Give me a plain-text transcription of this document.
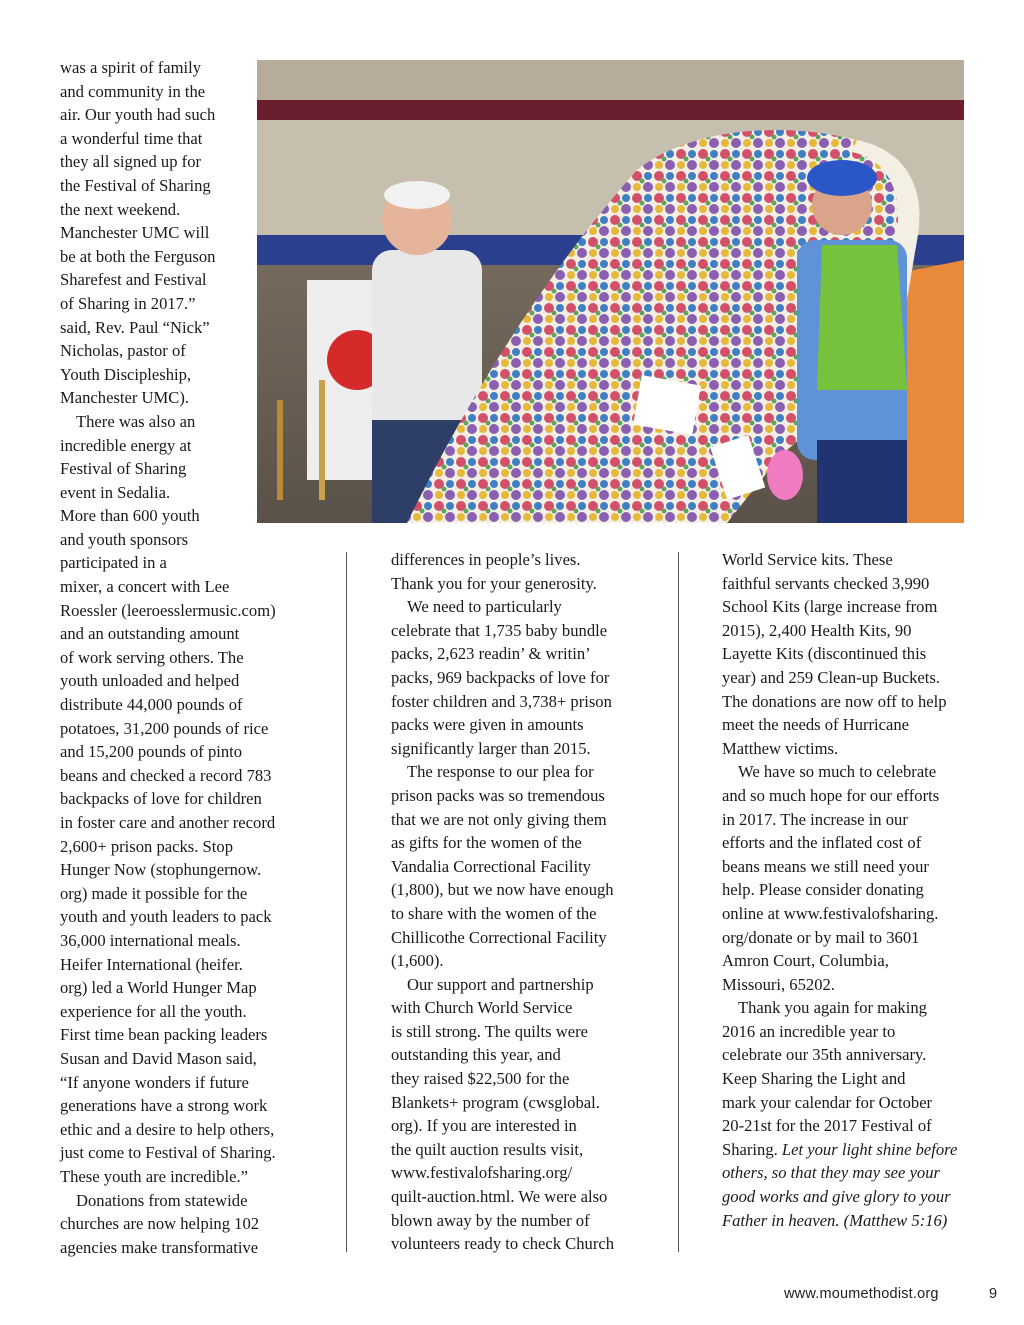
was a spirit of family
and community in the
air. Our youth had such
a wonderful time that
they all signed up for
the Festival of Sharing
the next weekend.
Manchester UMC will
be at both the Ferguson
Sharefest and Festival
of Sharing in 2017.”
said, Rev. Paul “Nick”
Nicholas, pastor of
Youth Discipleship,
Manchester UMC).
There was also an
incredible energy at
Festival of Sharing
event in Sedalia.
More than 600 youth
and youth sponsors
participated in a
mixer, a concert with Lee
Roessler (leeroesslermusic.com)
and an outstanding amount
of work serving others. The
youth unloaded and helped
distribute 44,000 pounds of
potatoes, 31,200 pounds of rice
and 15,200 pounds of pinto
beans and checked a record 783
backpacks of love for children
in foster care and another record
2,600+ prison packs. Stop
Hunger Now (stophungernow.
org) made it possible for the
youth and youth leaders to pack
36,000 international meals.
Heifer International (heifer.
org) led a World Hunger Map
experience for all the youth.
First time bean packing leaders
Susan and David Mason said,
“If anyone wonders if future
generations have a strong work
ethic and a desire to help others,
just come to Festival of Sharing.
These youth are incredible.”
Donations from statewide
churches are now helping 102
agencies make transformative
differences in people’s lives.
Thank you for your generosity.
We need to particularly
celebrate that 1,735 baby bundle
packs, 2,623 readin’ & writin’
packs, 969 backpacks of love for
foster children and 3,738+ prison
packs were given in amounts
significantly larger than 2015.
The response to our plea for
prison packs was so tremendous
that we are not only giving them
as gifts for the women of the
Vandalia Correctional Facility
(1,800), but we now have enough
to share with the women of the
Chillicothe Correctional Facility
(1,600).
Our support and partnership
with Church World Service
is still strong. The quilts were
outstanding this year, and
they raised $22,500 for the
Blankets+ program (cwsglobal.
org). If you are interested in
the quilt auction results visit,
www.festivalofsharing.org/
quilt-auction.html. We were also
blown away by the number of
volunteers ready to check Church
World Service kits. These
faithful servants checked 3,990
School Kits (large increase from
2015), 2,400 Health Kits, 90
Layette Kits (discontinued this
year) and 259 Clean-up Buckets.
The donations are now off to help
meet the needs of Hurricane
Matthew victims.
We have so much to celebrate
and so much hope for our efforts
in 2017. The increase in our
efforts and the inflated cost of
beans means we still need your
help. Please consider donating
online at www.festivalofsharing.
org/donate or by mail to 3601
Amron Court, Columbia,
Missouri, 65202.
Thank you again for making
2016 an incredible year to
celebrate our 35th anniversary.
Keep Sharing the Light and
mark your calendar for October
20-21st for the 2017 Festival of
Sharing. Let your light shine before
others, so that they may see your
good works and give glory to your
Father in heaven. (Matthew 5:16)
www.moumethodist.org	9
